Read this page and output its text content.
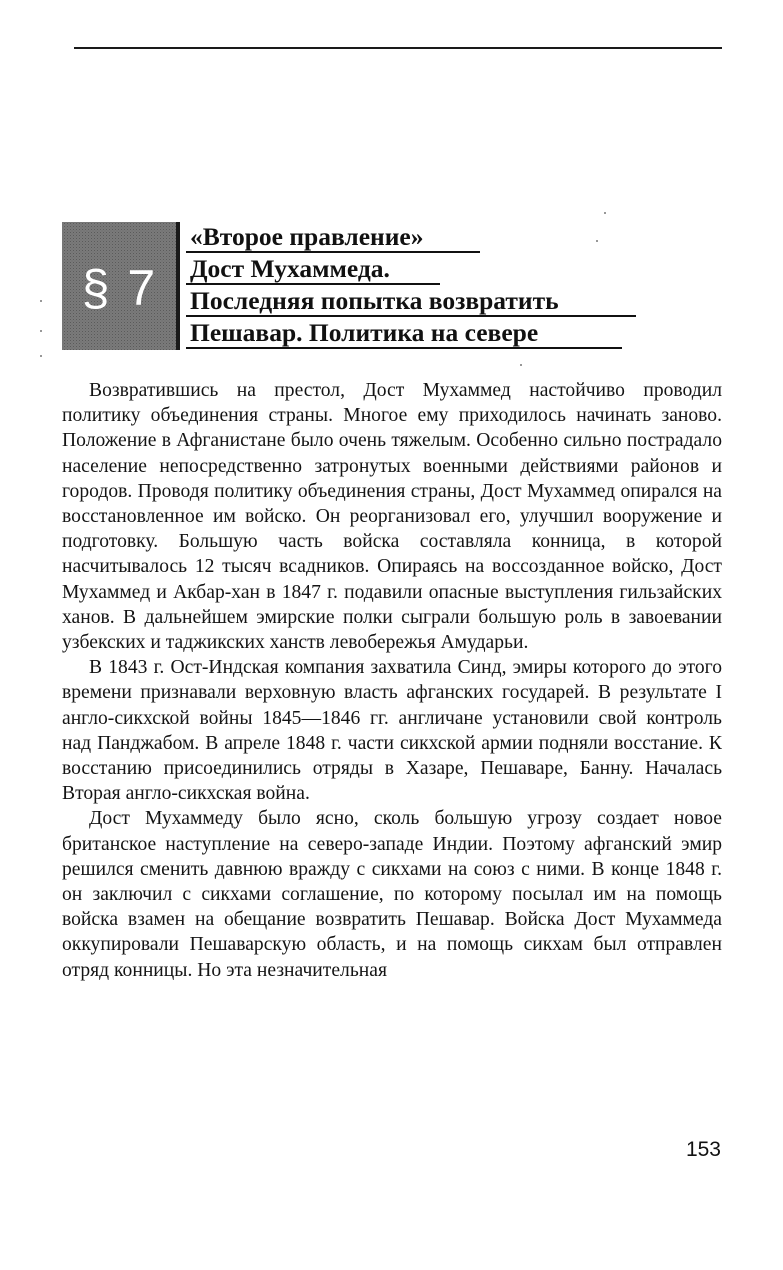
§ 7
«Второе правление»
Дост Мухаммеда.
Последняя попытка возвратить
Пешавар. Политика на севере

Возвратившись на престол, Дост Мухаммед настойчиво проводил политику объединения страны. Многое ему приходилось начинать заново. Положение в Афганистане было очень тяжелым. Особенно сильно пострадало население непосредственно затронутых военными действиями районов и городов. Проводя политику объединения страны, Дост Мухаммед опирался на восстановленное им войско. Он реорганизовал его, улучшил вооружение и подготовку. Большую часть войска составляла конница, в которой насчитывалось 12 тысяч всадников. Опираясь на воссозданное войско, Дост Мухаммед и Акбар-хан в 1847 г. подавили опасные выступления гильзайских ханов. В дальнейшем эмирские полки сыграли большую роль в завоевании узбекских и таджикских ханств левобережья Амударьи.

В 1843 г. Ост-Индская компания захватила Синд, эмиры которого до этого времени признавали верховную власть афганских государей. В результате I англо-сикхской войны 1845—1846 гг. англичане установили свой контроль над Панджабом. В апреле 1848 г. части сикхской армии подняли восстание. К восстанию присоединились отряды в Хазаре, Пешаваре, Банну. Началась Вторая англо-сикхская война.

Дост Мухаммеду было ясно, сколь большую угрозу создает новое британское наступление на северо-западе Индии. Поэтому афганский эмир решился сменить давнюю вражду с сикхами на союз с ними. В конце 1848 г. он заключил с сикхами соглашение, по которому посылал им на помощь войска взамен на обещание возвратить Пешавар. Войска Дост Мухаммеда оккупировали Пешаварскую область, и на помощь сикхам был отправлен отряд конницы. Но эта незначительная

153
